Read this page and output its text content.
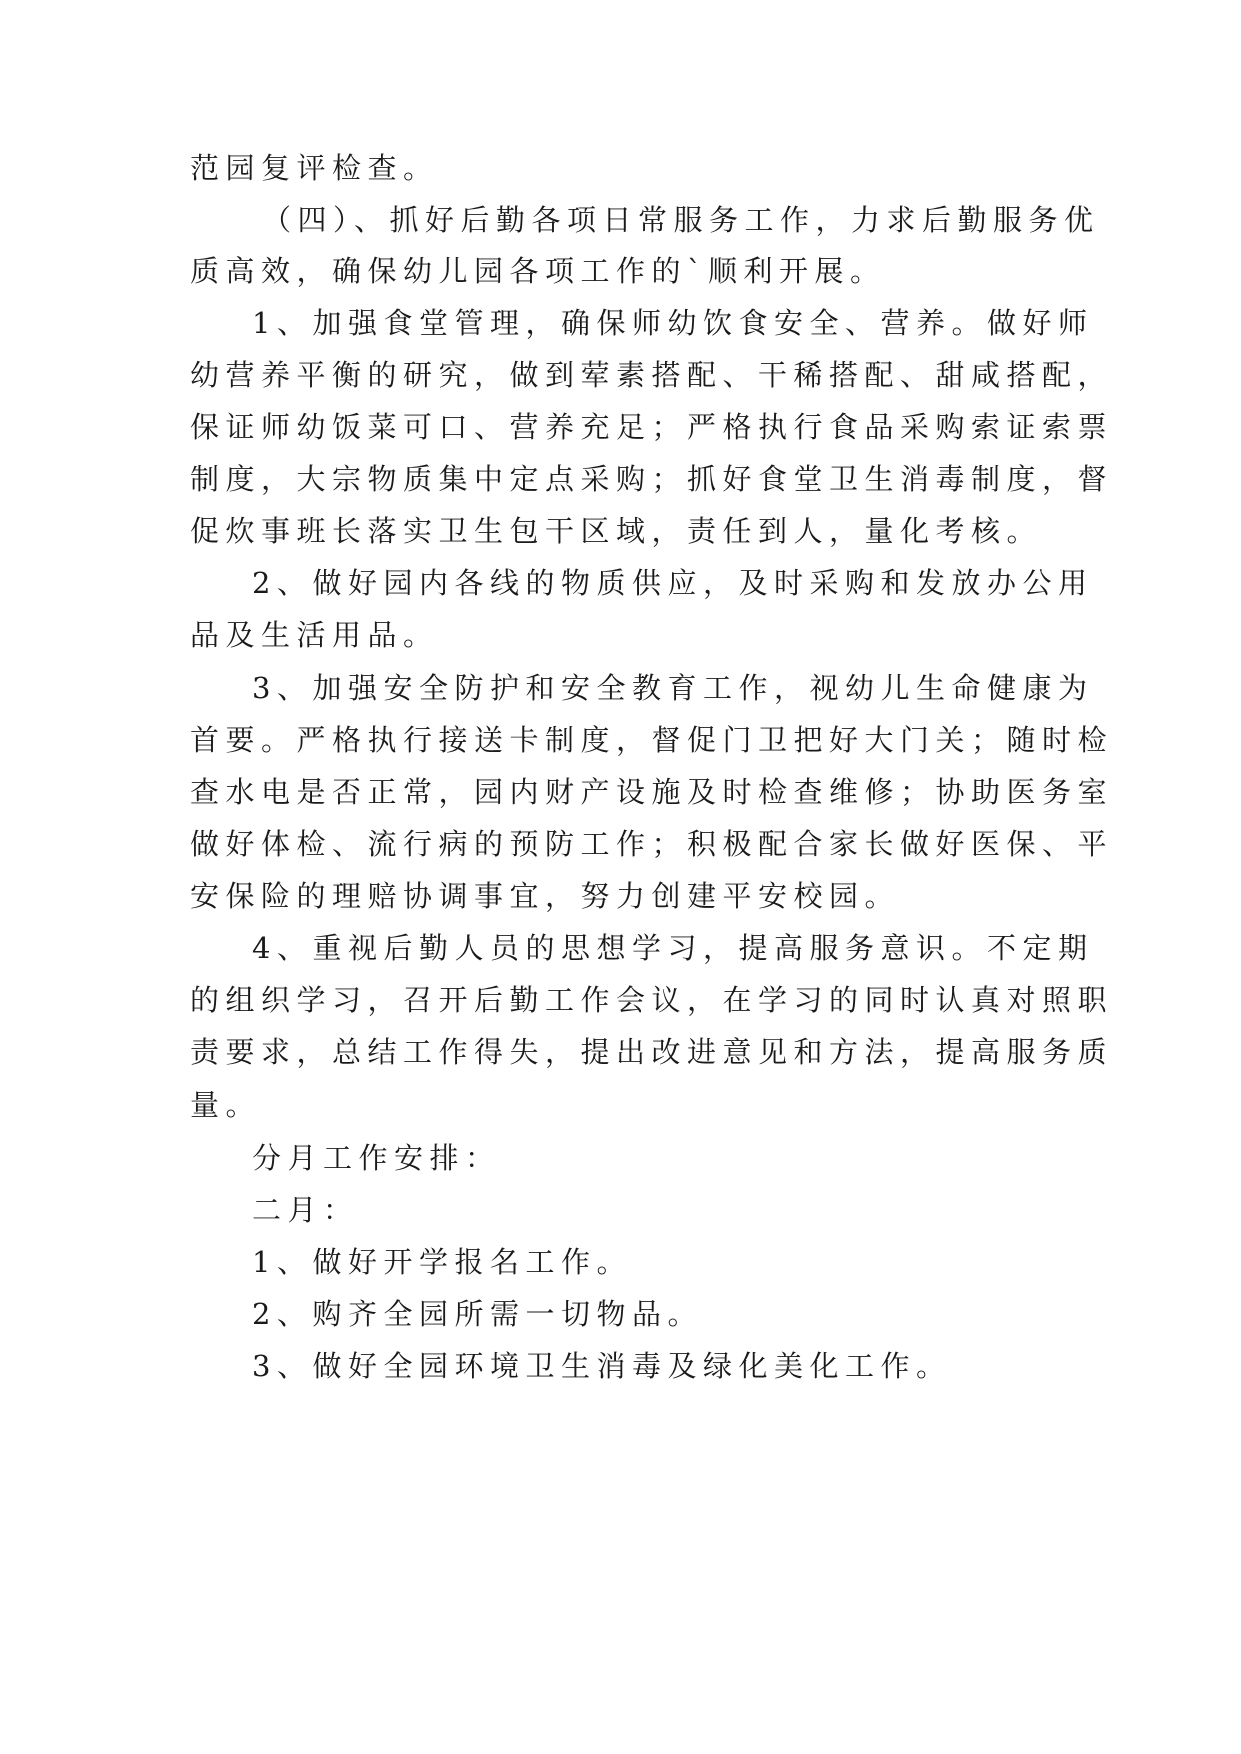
范园复评检查。
（四）、抓好后勤各项日常服务工作，力求后勤服务优
质高效，确保幼儿园各项工作的`顺利开展。
1、加强食堂管理，确保师幼饮食安全、营养。做好师
幼营养平衡的研究，做到荤素搭配、干稀搭配、甜咸搭配，
保证师幼饭菜可口、营养充足；严格执行食品采购索证索票
制度，大宗物质集中定点采购；抓好食堂卫生消毒制度，督
促炊事班长落实卫生包干区域，责任到人，量化考核。
2、做好园内各线的物质供应，及时采购和发放办公用
品及生活用品。
3、加强安全防护和安全教育工作，视幼儿生命健康为
首要。严格执行接送卡制度，督促门卫把好大门关；随时检
查水电是否正常，园内财产设施及时检查维修；协助医务室
做好体检、流行病的预防工作；积极配合家长做好医保、平
安保险的理赔协调事宜，努力创建平安校园。
4、重视后勤人员的思想学习，提高服务意识。不定期
的组织学习，召开后勤工作会议，在学习的同时认真对照职
责要求，总结工作得失，提出改进意见和方法，提高服务质
量。
分月工作安排：
二月：
1、做好开学报名工作。
2、购齐全园所需一切物品。
3、做好全园环境卫生消毒及绿化美化工作。
